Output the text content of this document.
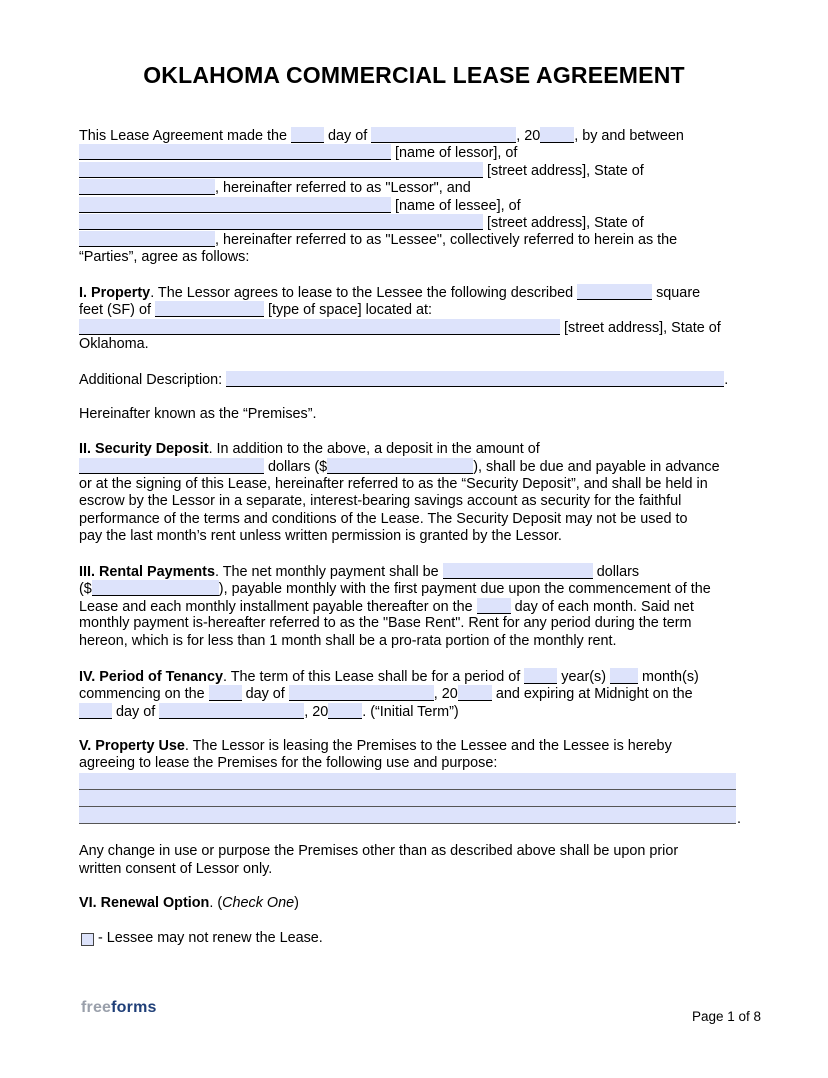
OKLAHOMA COMMERCIAL LEASE AGREEMENT
This Lease Agreement made the	day of	, 20 , by and between
[name of lessor], of
[street address], State of
, hereinafter referred to as "Lessor", and
[name of lessee], of
[street address], State of
, hereinafter referred to as "Lessee", collectively referred to herein as the
“Parties”, agree as follows:
I. Property. The Lessor agrees to lease to the Lessee the following described	square
feet (SF) of	[type of space] located at:
[street address], State of
Oklahoma.
Additional Description:	.
Hereinafter known as the “Premises”.
II. Security Deposit. In addition to the above, a deposit in the amount of
dollars ($	), shall be due and payable in advance
or at the signing of this Lease, hereinafter referred to as the “Security Deposit”, and shall be held in
escrow by the Lessor in a separate, interest-bearing savings account as security for the faithful
performance of the terms and conditions of the Lease. The Security Deposit may not be used to
pay the last month’s rent unless written permission is granted by the Lessor.
III. Rental Payments. The net monthly payment shall be	dollars
($	), payable monthly with the first payment due upon the commencement of the
Lease and each monthly installment payable thereafter on the	day of each month. Said net
monthly payment is-hereafter referred to as the "Base Rent". Rent for any period during the term
hereon, which is for less than 1 month shall be a pro-rata portion of the monthly rent.
IV. Period of Tenancy. The term of this Lease shall be for a period of	year(s)	month(s)
commencing on the	day of	, 20	and expiring at Midnight on the
day of	, 20 . (“Initial Term”)
V. Property Use. The Lessor is leasing the Premises to the Lessee and the Lessee is hereby
agreeing to lease the Premises for the following use and purpose:
.
Any change in use or purpose the Premises other than as described above shall be upon prior
written consent of Lessor only.
VI. Renewal Option. (Check One)
- Lessee may not renew the Lease.
freeforms
Page 1 of 8
